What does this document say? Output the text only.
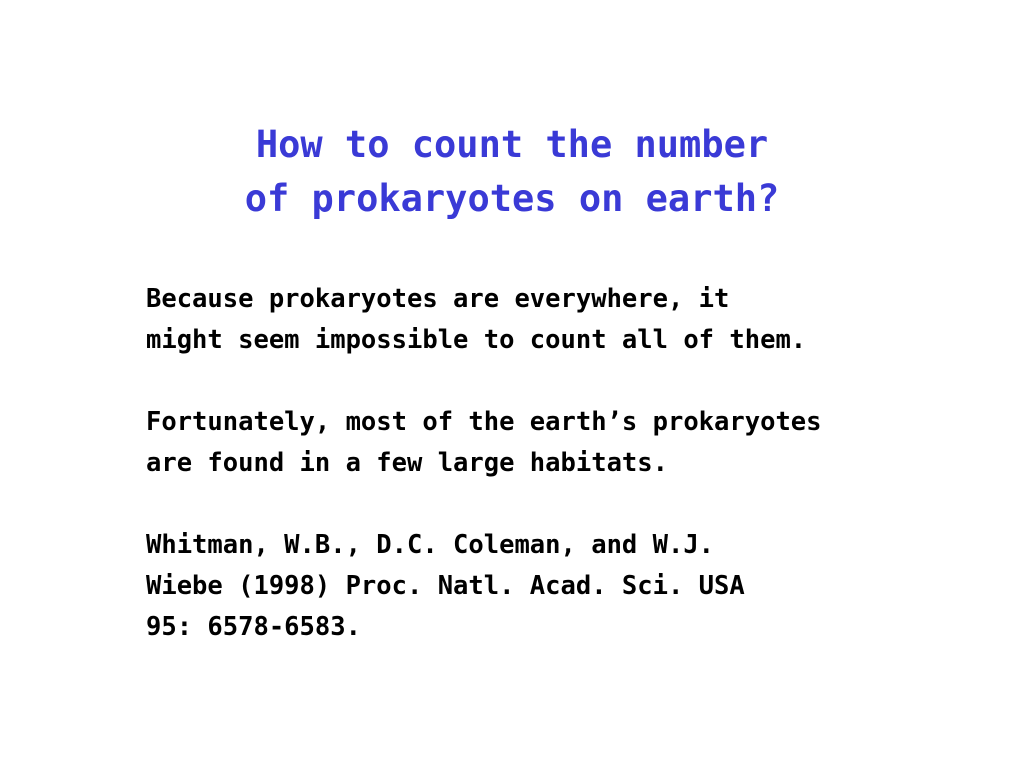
How to count the number
of prokaryotes on earth?
Because prokaryotes are everywhere, it
might seem impossible to count all of them.
Fortunately, most of the earth’s prokaryotes
are found in a few large habitats.
Whitman, W.B., D.C. Coleman, and W.J.
Wiebe (1998) Proc. Natl. Acad. Sci. USA
95: 6578-6583.
